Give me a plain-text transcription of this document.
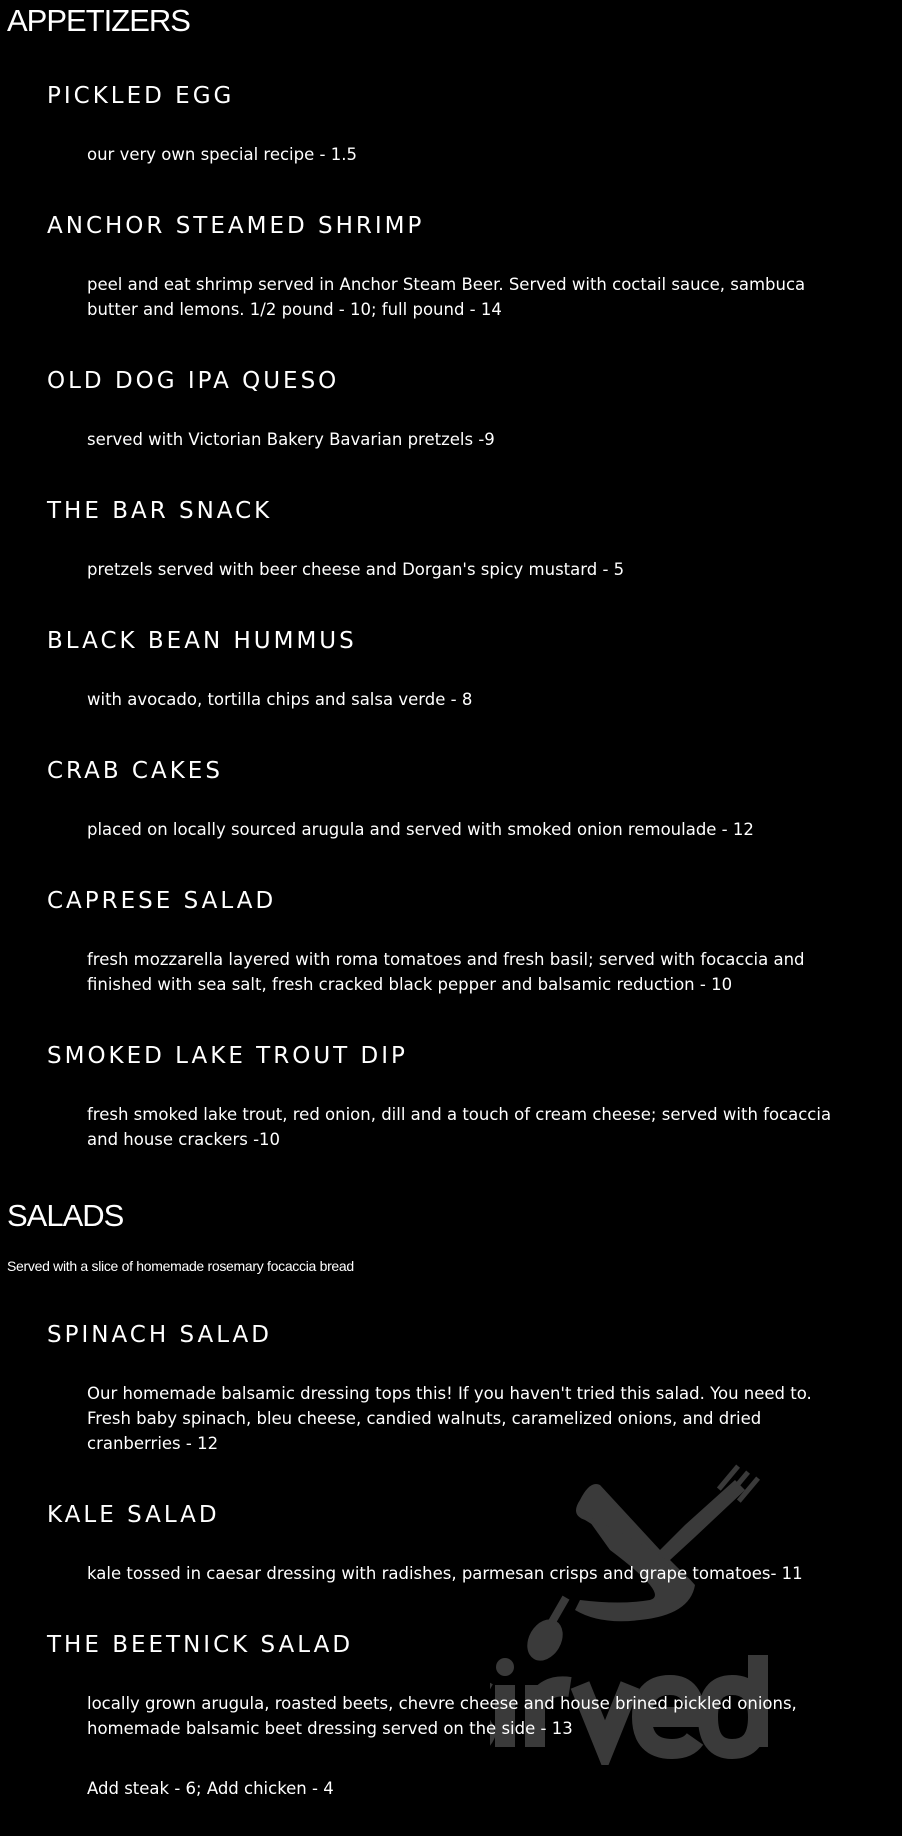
APPETIZERS
PICKLED EGG
our very own special recipe - 1.5
ANCHOR STEAMED SHRIMP
peel and eat shrimp served in Anchor Steam Beer. Served with coctail sauce, sambuca butter and lemons. 1/2 pound - 10; full pound - 14
OLD DOG IPA QUESO
served with Victorian Bakery Bavarian pretzels -9
THE BAR SNACK
pretzels served with beer cheese and Dorgan's spicy mustard - 5
BLACK BEAN HUMMUS
with avocado, tortilla chips and salsa verde - 8
CRAB CAKES
placed on locally sourced arugula and served with smoked onion remoulade - 12
CAPRESE SALAD
fresh mozzarella layered with roma tomatoes and fresh basil; served with focaccia and finished with sea salt, fresh cracked black pepper and balsamic reduction - 10
SMOKED LAKE TROUT DIP
fresh smoked lake trout, red onion, dill and a touch of cream cheese; served with focaccia and house crackers -10
SALADS
Served with a slice of homemade rosemary focaccia bread
SPINACH SALAD
Our homemade balsamic dressing tops this! If you haven't tried this salad. You need to. Fresh baby spinach, bleu cheese, candied walnuts, caramelized onions, and dried cranberries - 12
KALE SALAD
kale tossed in caesar dressing with radishes, parmesan crisps and grape tomatoes- 11
THE BEETNICK SALAD
locally grown arugula, roasted beets, chevre cheese and house brined pickled onions, homemade balsamic beet dressing served on the side - 13
Add steak - 6; Add chicken - 4
